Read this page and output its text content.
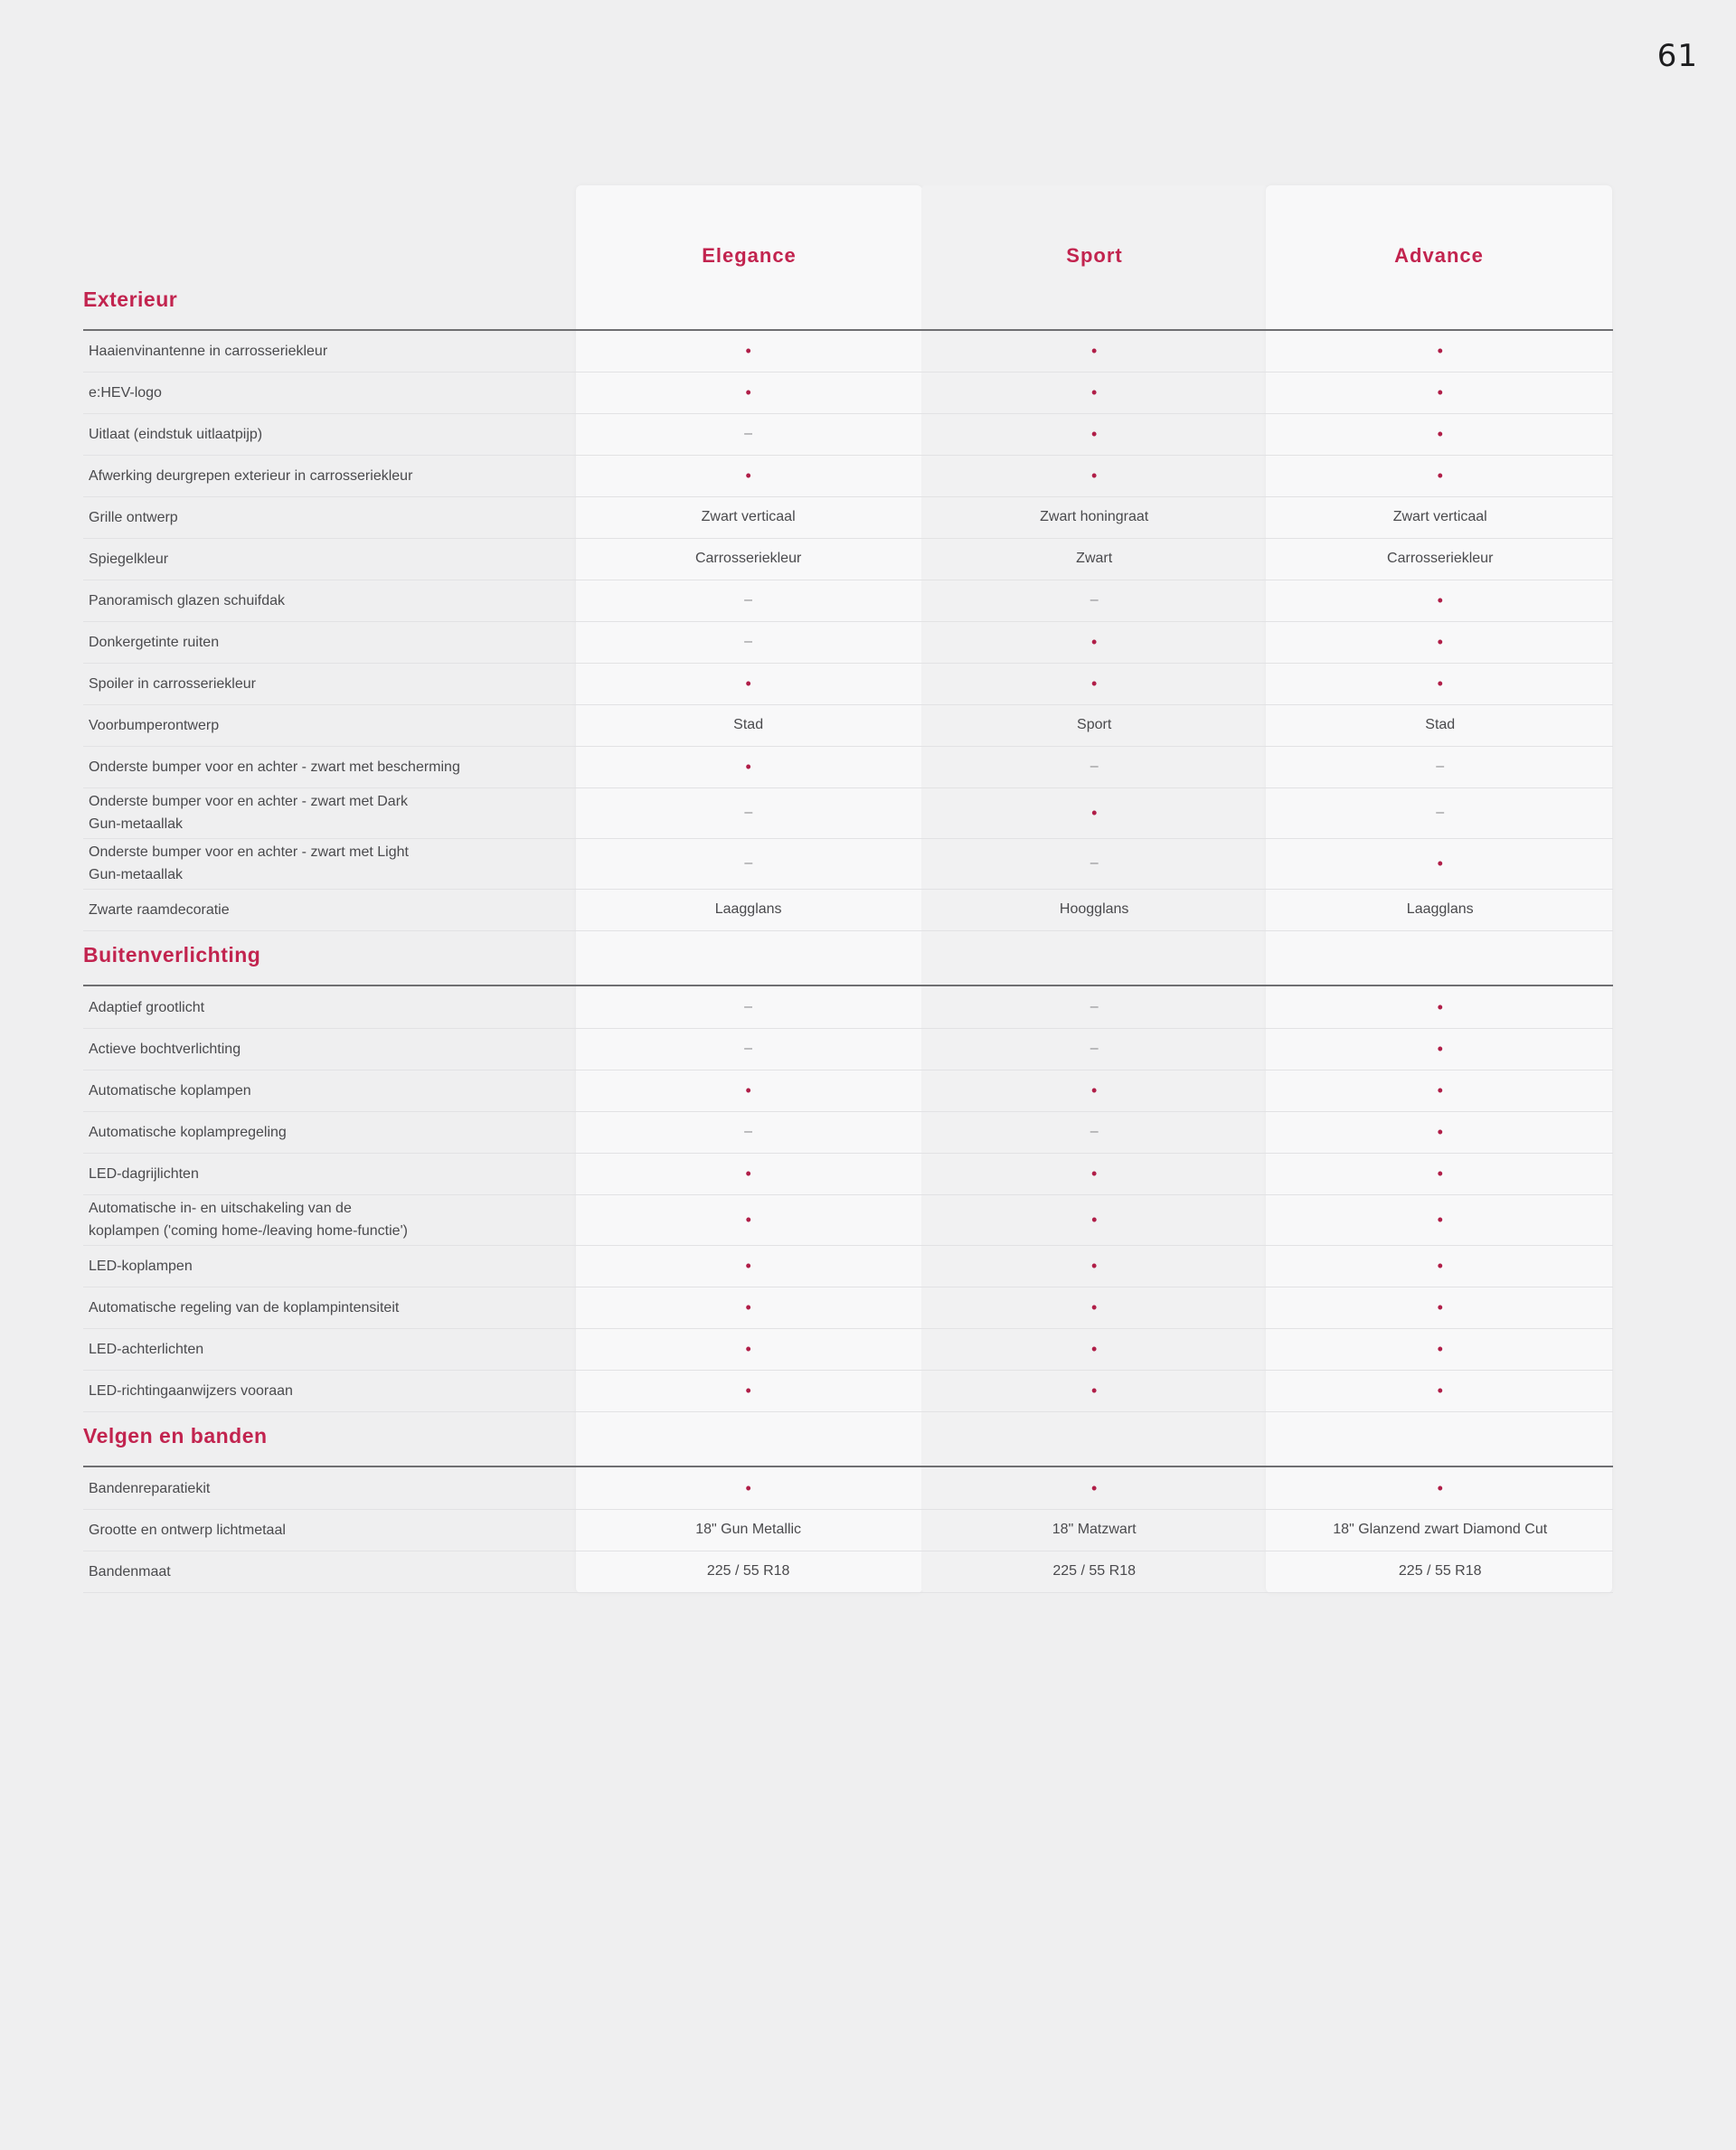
61
Elegance	Sport	Advance
Exterieur
Haaienvinantenne in carrosseriekleur	•	•	•
e:HEV-logo	•	•	•
Uitlaat (eindstuk uitlaatpijp)	–	•	•
Afwerking deurgrepen exterieur in carrosseriekleur	•	•	•
Grille ontwerp	Zwart verticaal	Zwart honingraat	Zwart verticaal
Spiegelkleur	Carrosseriekleur	Zwart	Carrosseriekleur
Panoramisch glazen schuifdak	–	–	•
Donkergetinte ruiten	–	•	•
Spoiler in carrosseriekleur	•	•	•
Voorbumperontwerp	Stad	Sport	Stad
Onderste bumper voor en achter - zwart met bescherming	•	–	–
Onderste bumper voor en achter - zwart met Dark Gun-metaallak
–	•	–
Onderste bumper voor en achter - zwart met Light Gun-metaallak
–	–	•
Zwarte raamdecoratie	Laagglans	Hoogglans	Laagglans
Buitenverlichting
Adaptief grootlicht	–	–	•
Actieve bochtverlichting	–	–	•
Automatische koplampen	•	•	•
Automatische koplampregeling	–	–	•
LED-dagrijlichten	•	•	•
Automatische in- en uitschakeling van de koplampen ('coming home-/leaving home-functie')
•	•	•
LED-koplampen	•	•	•
Automatische regeling van de koplampintensiteit	•	•	•
LED-achterlichten	•	•	•
LED-richtingaanwijzers vooraan	•	•	•
Velgen en banden
Bandenreparatiekit	•	•	•
Grootte en ontwerp lichtmetaal	18" Gun Metallic	18" Matzwart	18" Glanzend zwart Diamond Cut
Bandenmaat	225 / 55 R18	225 / 55 R18	225 / 55 R18
